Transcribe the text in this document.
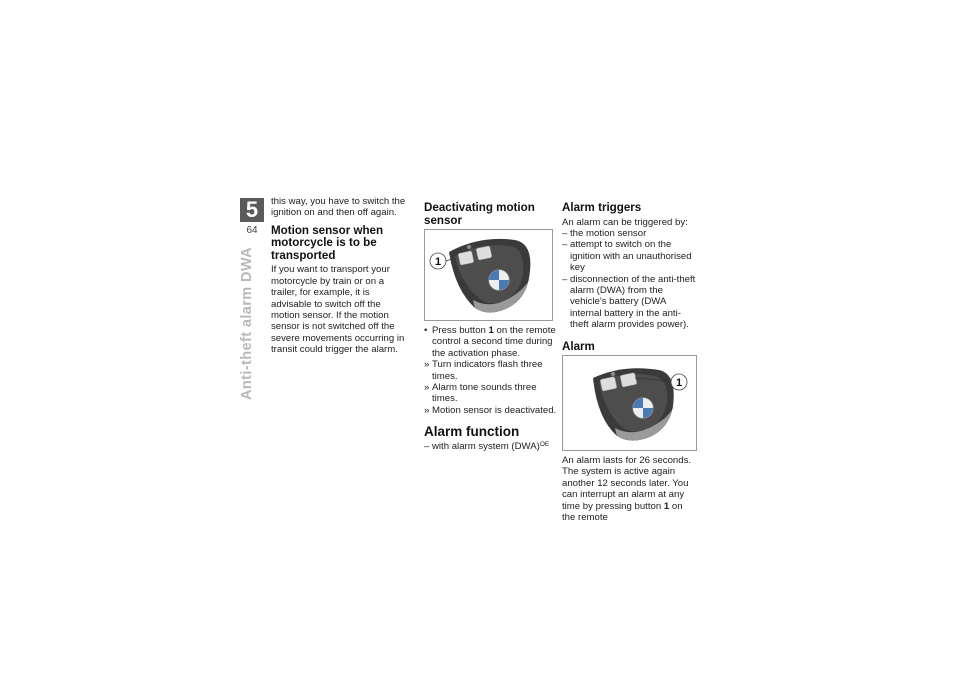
5
64
Anti-theft alarm DWA

this way, you have to switch the ignition on and then off again.

Motion sensor when motorcycle is to be transported

If you want to transport your motorcycle by train or on a trailer, for example, it is advisable to switch off the motion sensor. If the motion sensor is not switched off the severe movements occurring in transit could trigger the alarm.

Deactivating motion sensor
1
• Press button 1 on the remote control a second time during the activation phase.
» Turn indicators flash three times.
» Alarm tone sounds three times.
» Motion sensor is deactivated.
Alarm function
– with alarm system (DWA)$^{OE}$
Alarm triggers

An alarm can be triggered by:

– the motion sensor
– attempt to switch on the ignition with an unauthorised key
– disconnection of the anti-theft alarm (DWA) from the vehicle's battery (DWA internal battery in the anti-theft alarm provides power).
Alarm
1

An alarm lasts for 26 seconds. The system is active again another 12 seconds later. You can interrupt an alarm at any time by pressing button 1 on the remote
